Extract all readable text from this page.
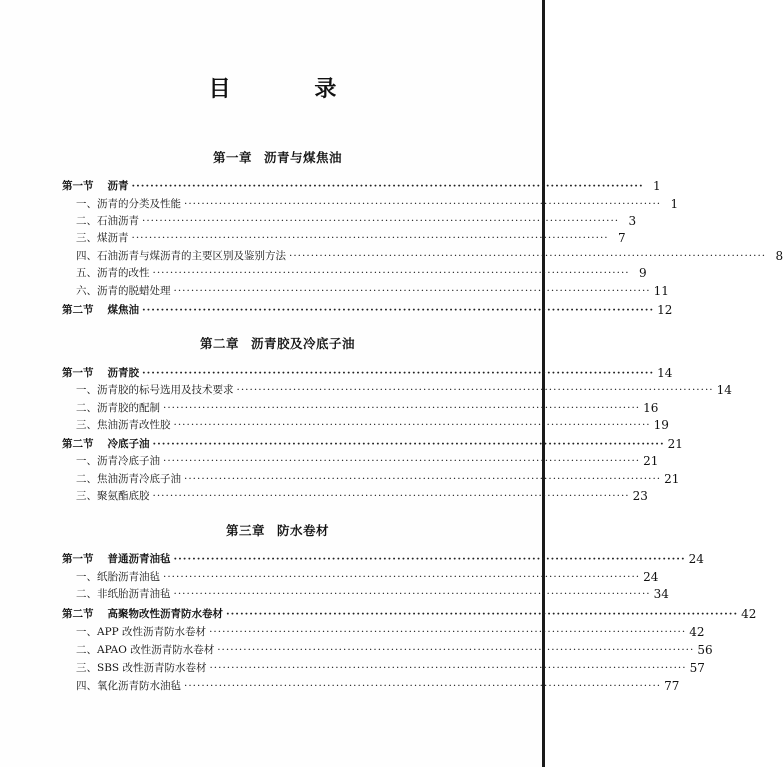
目 录
第一章 沥青与煤焦油
第一节 沥青 ·············································································································· 1
一、沥青的分类及性能 ·············································································································· 1
二、石油沥青 ·············································································································· 3
三、煤沥青 ·············································································································· 7
四、石油沥青与煤沥青的主要区别及鉴别方法 ·············································································································· 8
五、沥青的改性 ·············································································································· 9
六、沥青的脱蜡处理 ·············································································································· 11
第二节 煤焦油 ·············································································································· 12
第二章 沥青胶及冷底子油
第一节 沥青胶 ·············································································································· 14
一、沥青胶的标号选用及技术要求 ·············································································································· 14
二、沥青胶的配制 ·············································································································· 16
三、焦油沥青改性胶 ·············································································································· 19
第二节 冷底子油 ·············································································································· 21
一、沥青冷底子油 ·············································································································· 21
二、焦油沥青冷底子油 ·············································································································· 21
三、聚氨酯底胶 ·············································································································· 23
第三章 防水卷材
第一节 普通沥青油毡 ·············································································································· 24
一、纸胎沥青油毡 ·············································································································· 24
二、非纸胎沥青油毡 ·············································································································· 34
第二节 高聚物改性沥青防水卷材 ·············································································································· 42
一、APP 改性沥青防水卷材 ·············································································································· 42
二、APAO 改性沥青防水卷材 ·············································································································· 56
三、SBS 改性沥青防水卷材 ·············································································································· 57
四、氧化沥青防水油毡 ·············································································································· 77
